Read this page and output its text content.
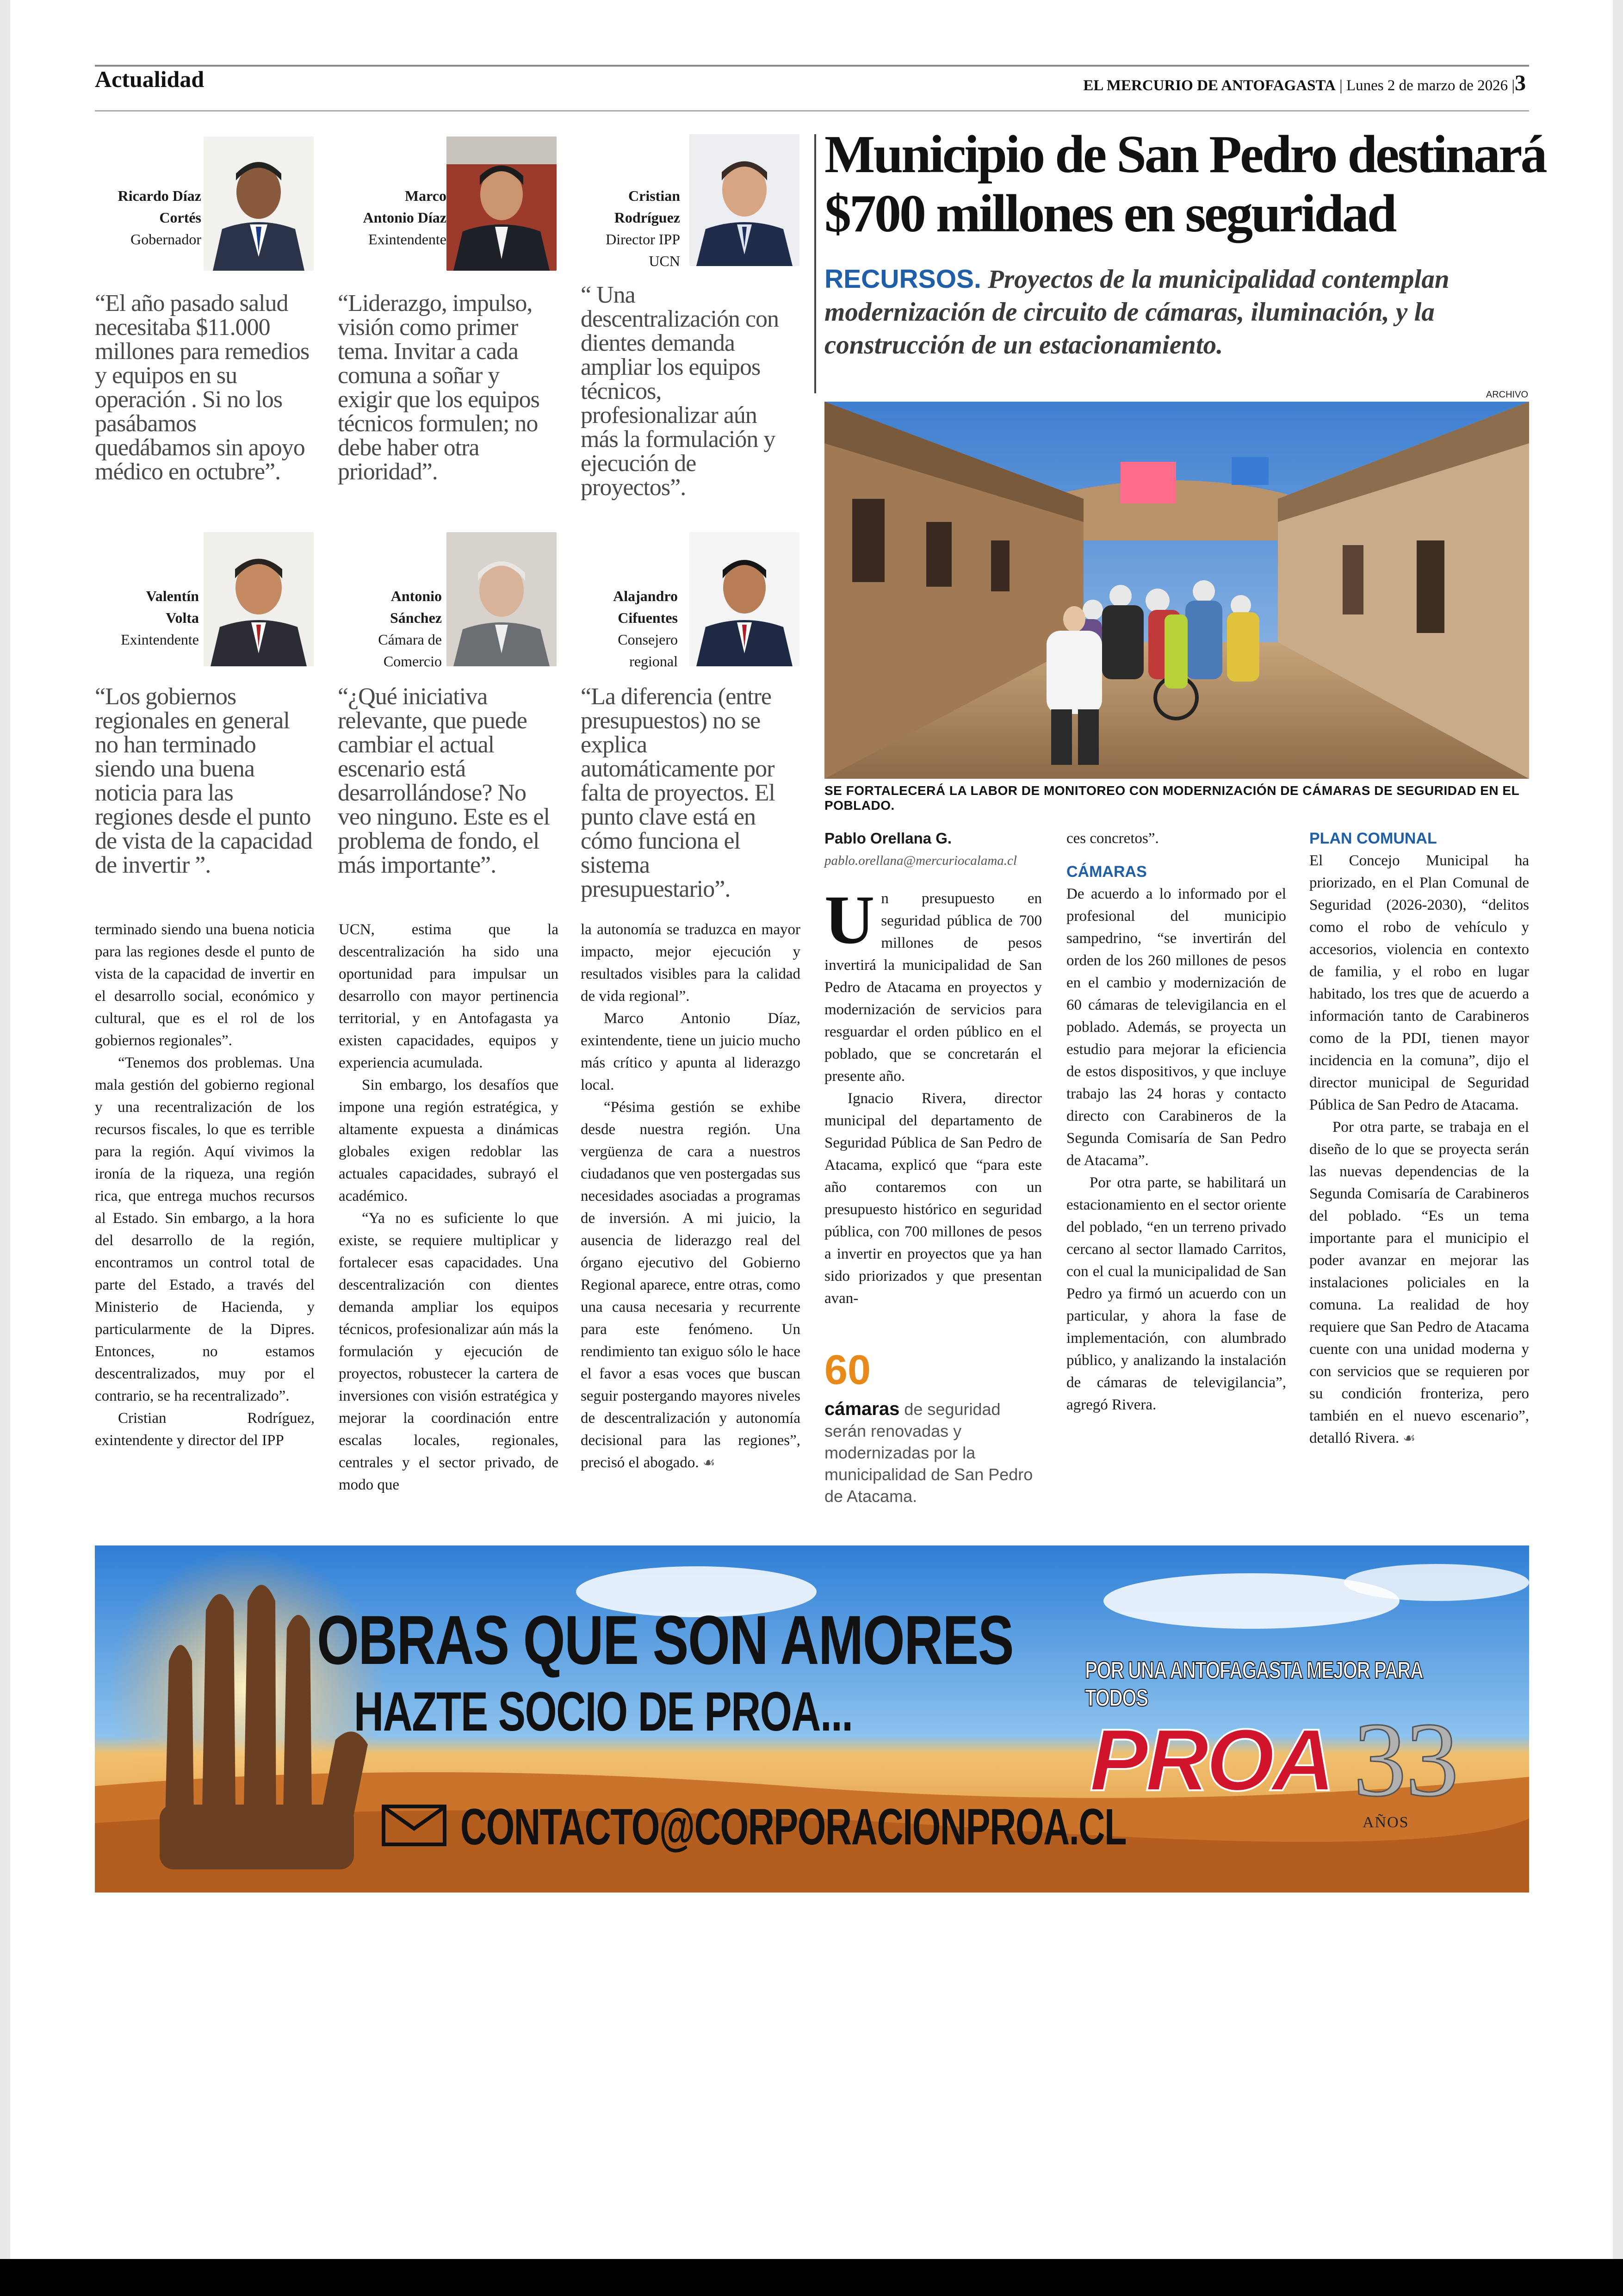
Actualidad	EL MERCURIO DE ANTOFAGASTA | Lunes 2 de marzo de 2026 |3
Ricardo Díaz
Cortés
Gobernador
Marco
Antonio Díaz
Exintendente
Cristian
Rodríguez
Director IPP
UCN
“El año pasado salud necesitaba $11.000 millones para remedios y equipos en su operación . Si no los pasábamos quedábamos sin apoyo médico en octubre”.
“Liderazgo, impulso, visión como primer tema. Invitar a cada comuna a soñar y exigir que los equipos técnicos formulen; no debe haber otra prioridad”.
“ Una descentralización con dientes demanda ampliar los equipos técnicos, profesionalizar aún más la formulación y ejecución de proyectos”.
Valentín
Volta
Exintendente
Antonio
Sánchez
Cámara de
Comercio
Alajandro
Cifuentes
Consejero
regional
“Los gobiernos regionales en general no han terminado siendo una buena noticia para las regiones desde el punto de vista de la capacidad de invertir ”.
“¿Qué iniciativa relevante, que puede cambiar el actual escenario está desarrollándose? No veo ninguno. Este es el problema de fondo, el más importante”.
“La diferencia (entre presupuestos) no se explica automáticamente por falta de proyectos. El punto clave está en cómo funciona el sistema presupuestario”.

terminado siendo una buena noticia para las regiones desde el punto de vista de la capacidad de invertir en el desarrollo social, económico y cultural, que es el rol de los gobiernos regionales”.

“Tenemos dos problemas. Una mala gestión del gobierno regional y una recentralización de los recursos fiscales, lo que es terrible para la región. Aquí vivimos la ironía de la riqueza, una región rica, que entrega muchos recursos al Estado. Sin embargo, a la hora del desarrollo de la región, encontramos un control total de parte del Estado, a través del Ministerio de Hacienda, y particularmente de la Dipres. Entonces, no estamos descentralizados, muy por el contrario, se ha recentralizado”.

Cristian Rodríguez, exintendente y director del IPP

UCN, estima que la descentralización ha sido una oportunidad para impulsar un desarrollo con mayor pertinencia territorial, y en Antofagasta ya existen capacidades, equipos y experiencia acumulada.

Sin embargo, los desafíos que impone una región estratégica, y altamente expuesta a dinámicas globales exigen redoblar las actuales capacidades, subrayó el académico.

“Ya no es suficiente lo que existe, se requiere multiplicar y fortalecer esas capacidades. Una descentralización con dientes demanda ampliar los equipos técnicos, profesionalizar aún más la formulación y ejecución de proyectos, robustecer la cartera de inversiones con visión estratégica y mejorar la coordinación entre escalas locales, regionales, centrales y el sector privado, de modo que

la autonomía se traduzca en mayor impacto, mejor ejecución y resultados visibles para la calidad de vida regional”.

Marco Antonio Díaz, exintendente, tiene un juicio mucho más crítico y apunta al liderazgo local.

“Pésima gestión se exhibe desde nuestra región. Una vergüenza de cara a nuestros ciudadanos que ven postergadas sus necesidades asociadas a programas de inversión. A mi juicio, la ausencia de liderazgo real del órgano ejecutivo del Gobierno Regional aparece, entre otras, como una causa necesaria y recurrente para este fenómeno. Un rendimiento tan exiguo sólo le hace el favor a esas voces que buscan seguir postergando mayores niveles de descentralización y autonomía decisional para las regiones”, precisó el abogado. ☙

Municipio de San Pedro destinará
$700 millones en seguridad
RECURSOS. Proyectos de la municipalidad contemplan modernización de circuito de cámaras, iluminación, y la construcción de un estacionamiento.
ARCHIVO
SE FORTALECERÁ LA LABOR DE MONITOREO CON MODERNIZACIÓN DE CÁMARAS DE SEGURIDAD EN EL POBLADO.

Pablo Orellana G.

pablo.orellana@mercuriocalama.cl

Un presupuesto en seguridad pública de 700 millones de pesos invertirá la municipalidad de San Pedro de Atacama en proyectos y modernización de servicios para resguardar el orden público en el poblado, que se concretarán el presente año.

Ignacio Rivera, director municipal del departamento de Seguridad Pública de San Pedro de Atacama, explicó que “para este año contaremos con un presupuesto histórico en seguridad pública, con 700 millones de pesos a invertir en proyectos que ya han sido priorizados y que presentan avan-

60
cámaras de seguridad serán renovadas y modernizadas por la municipalidad de San Pedro de Atacama.

ces concretos”.

CÁMARAS

De acuerdo a lo informado por el profesional del municipio sampedrino, “se invertirán del orden de los 260 millones de pesos en el cambio y modernización de 60 cámaras de televigilancia en el poblado. Además, se proyecta un estudio para mejorar la eficiencia de estos dispositivos, y que incluye trabajo las 24 horas y contacto directo con Carabineros de la Segunda Comisaría de San Pedro de Atacama”.

Por otra parte, se habilitará un estacionamiento en el sector oriente del poblado, “en un terreno privado cercano al sector llamado Carritos, con el cual la municipalidad de San Pedro ya firmó un acuerdo con un particular, y ahora la fase de implementación, con alumbrado público, y analizando la instalación de cámaras de televigilancia”, agregó Rivera.

PLAN COMUNAL

El Concejo Municipal ha priorizado, en el Plan Comunal de Seguridad (2026-2030), “delitos como el robo de vehículo y accesorios, violencia en contexto de familia, y el robo en lugar habitado, los tres que de acuerdo a información tanto de Carabineros como de la PDI, tienen mayor incidencia en la comuna”, dijo el director municipal de Seguridad Pública de San Pedro de Atacama.

Por otra parte, se trabaja en el diseño de lo que se proyecta serán las nuevas dependencias de la Segunda Comisaría de Carabineros del poblado. “Es un tema importante para el municipio el poder avanzar en mejorar las instalaciones policiales en la comuna. La realidad de hoy requiere que San Pedro de Atacama cuente con una unidad moderna y con servicios que se requieren por su condición fronteriza, pero también en el nuevo escenario”, detalló Rivera. ☙

OBRAS QUE SON AMORES
HAZTE SOCIO DE PROA...
CONTACTO@CORPORACIONPROA.CL
POR UNA ANTOFAGASTA MEJOR PARA TODOS
PROA 33
AÑOS
